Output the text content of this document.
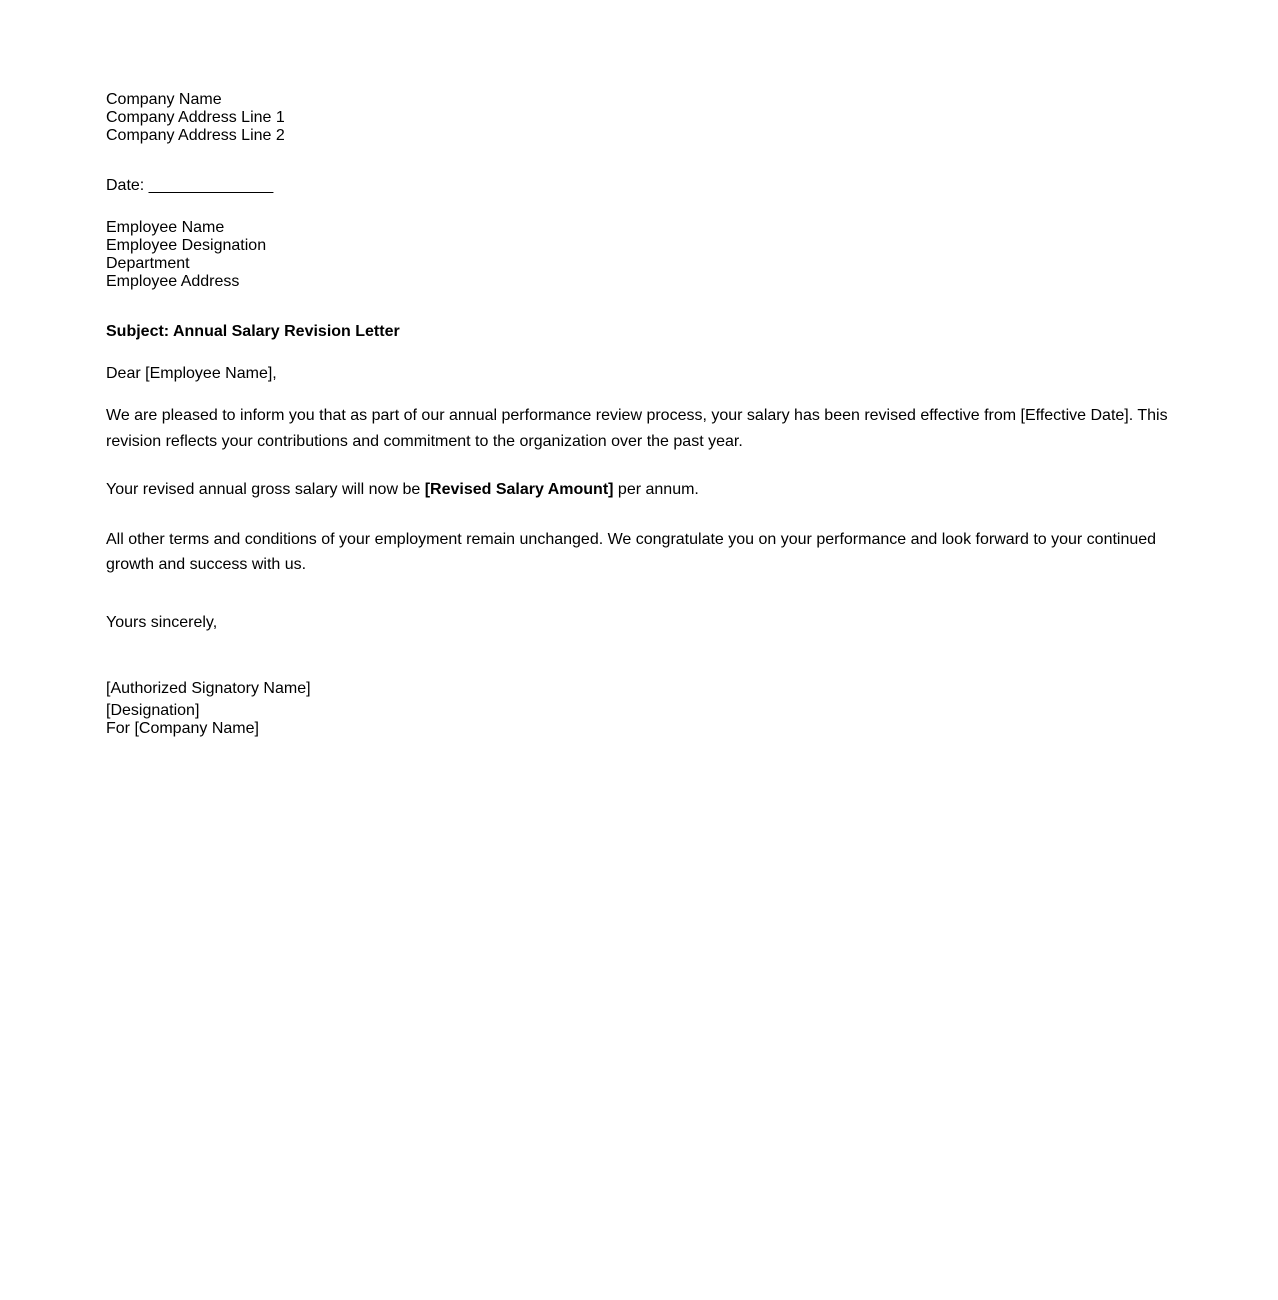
Company Name
Company Address Line 1
Company Address Line 2
Date: ______________
Employee Name
Employee Designation
Department
Employee Address
Subject: Annual Salary Revision Letter
Dear [Employee Name],

We are pleased to inform you that as part of our annual performance review process, your salary has been revised effective from [Effective Date]. This revision reflects your contributions and commitment to the organization over the past year.

Your revised annual gross salary will now be [Revised Salary Amount] per annum.

All other terms and conditions of your employment remain unchanged. We congratulate you on your performance and look forward to your continued growth and success with us.

Yours sincerely,
[Authorized Signatory Name]
[Designation]
For [Company Name]
